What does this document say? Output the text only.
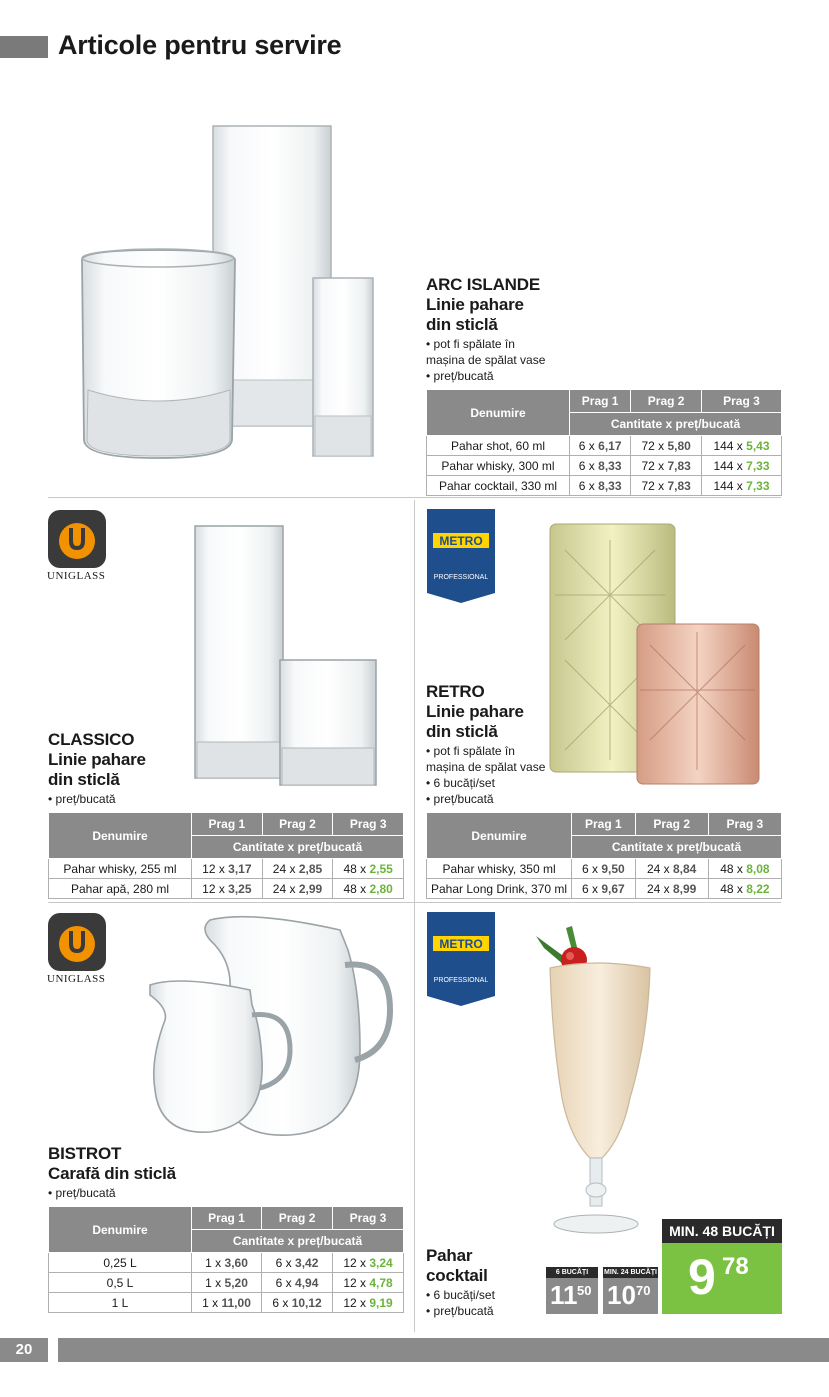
Articole pentru servire
ARC ISLANDE
Linie pahare
din sticlă
• pot fi spălate în
mașina de spălat vase
• preț/bucată
Denumire	Prag 1	Prag 2	Prag 3
	Cantitate x preț/bucată		
Pahar shot, 60 ml	6 x 6,17	72 x 5,80	144 x 5,43
Pahar whisky, 300 ml	6 x 8,33	72 x 7,83	144 x 7,33
Pahar cocktail, 330 ml	6 x 8,33	72 x 7,83	144 x 7,33
UNIGLASS
CLASSICO
Linie pahare
din sticlă
• preț/bucată
Denumire	Prag 1	Prag 2	Prag 3
	Cantitate x preț/bucată		
Pahar whisky, 255 ml	12 x 3,17	24 x 2,85	48 x 2,55
Pahar apă, 280 ml	12 x 3,25	24 x 2,99	48 x 2,80
METRO
PROFESSIONAL
RETRO
Linie pahare
din sticlă
• pot fi spălate în
mașina de spălat vase
• 6 bucăți/set
• preț/bucată
Denumire	Prag 1	Prag 2	Prag 3
	Cantitate x preț/bucată		
Pahar whisky, 350 ml	6 x 9,50	24 x 8,84	48 x 8,08
Pahar Long Drink, 370 ml	6 x 9,67	24 x 8,99	48 x 8,22
UNIGLASS
BISTROT
Carafă din sticlă
• preț/bucată
Denumire	Prag 1	Prag 2	Prag 3
	Cantitate x preț/bucată		
0,25 L	1 x 3,60	6 x 3,42	12 x 3,24
0,5 L	1 x 5,20	6 x 4,94	12 x 4,78
1 L	1 x 11,00	6 x 10,12	12 x 9,19
METRO
PROFESSIONAL
Pahar
cocktail
• 6 bucăți/set
• preț/bucată
6 BUCĂȚI
11 50
MIN. 24 BUCĂȚI
10 70
MIN. 48 BUCĂȚI
9 78
20
